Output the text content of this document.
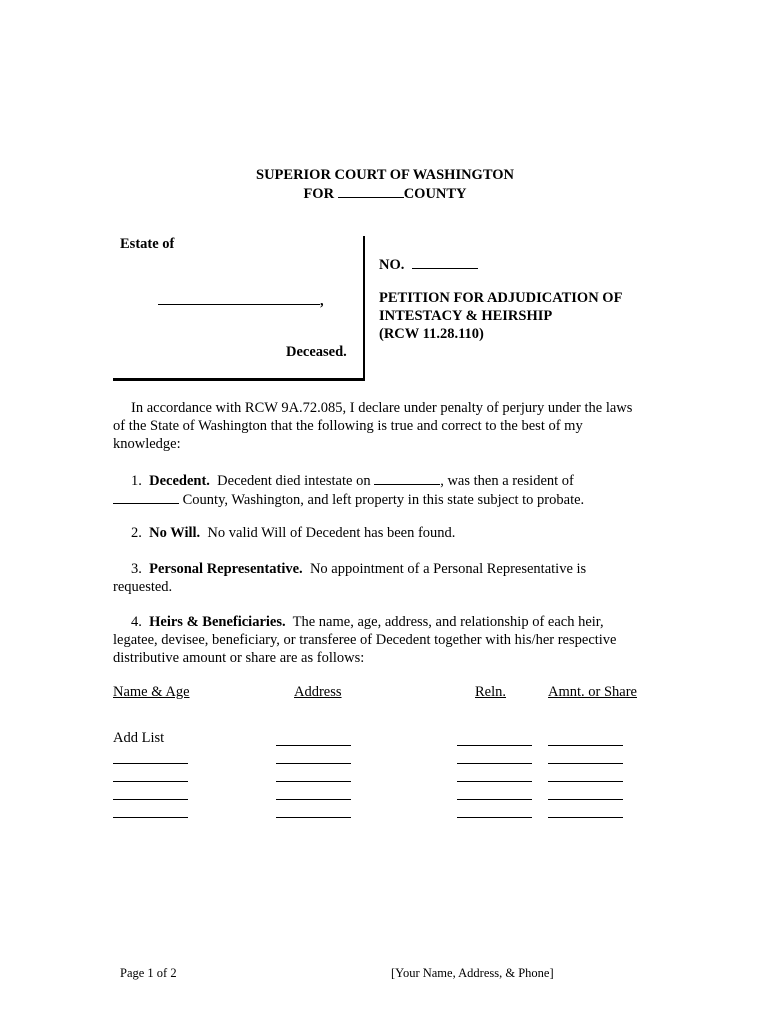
SUPERIOR COURT OF WASHINGTON
FOR	COUNTY
Estate of
,
Deceased.
NO.
PETITION FOR ADJUDICATION OF
INTESTACY & HEIRSHIP
(RCW 11.28.110)
In accordance with RCW 9A.72.085, I declare under penalty of perjury under the laws
of the State of Washington that the following is true and correct to the best of my
knowledge:
1. Decedent. Decedent died intestate on	, was then a resident of
County, Washington, and left property in this state subject to probate.
2. No Will. No valid Will of Decedent has been found.
3. Personal Representative. No appointment of a Personal Representative is
requested.
4. Heirs & Beneficiaries. The name, age, address, and relationship of each heir,
legatee, devisee, beneficiary, or transferee of Decedent together with his/her respective
distributive amount or share are as follows:
Name & Age	Address	Reln.	Amnt. or Share
Add List
Page 1 of 2	[Your Name, Address, & Phone]
